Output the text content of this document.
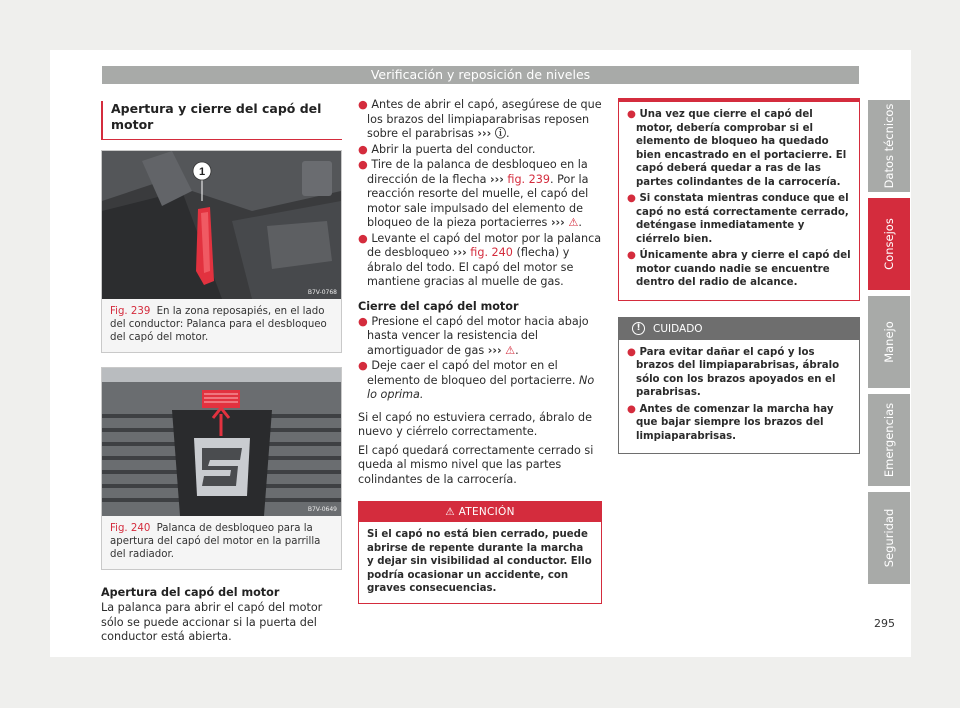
Verificación y reposición de niveles
Datos técnicos
Consejos
Manejo
Emergencias
Seguridad
295
Apertura y cierre del capó del motor
1
B7V-0768
Fig. 239 En la zona reposapiés, en el lado del conductor: Palanca para el desbloqueo del capó del motor.
B7V-0649
Fig. 240 Palanca de desbloqueo para la apertura del capó del motor en la parrilla del radiador.
Apertura del capó del motor
La palanca para abrir el capó del motor sólo se puede accionar si la puerta del conductor está abierta.
● Antes de abrir el capó, asegúrese de que los brazos del limpiaparabrisas reposen sobre el parabrisas ››› ⓘ.
● Abrir la puerta del conductor.
● Tire de la palanca de desbloqueo en la dirección de la flecha ››› fig. 239. Por la reacción resorte del muelle, el capó del motor sale impulsado del elemento de bloqueo de la pieza portacierres ››› ⚠.
● Levante el capó del motor por la palanca de desbloqueo ››› fig. 240 (flecha) y ábralo del todo. El capó del motor se mantiene gracias al muelle de gas.
Cierre del capó del motor
● Presione el capó del motor hacia abajo hasta vencer la resistencia del amortiguador de gas ››› ⚠.
● Deje caer el capó del motor en el elemento de bloqueo del portacierre. No lo oprima.
Si el capó no estuviera cerrado, ábralo de nuevo y ciérrelo correctamente.
El capó quedará correctamente cerrado si queda al mismo nivel que las partes colindantes de la carrocería.
⚠ ATENCIÓN
Si el capó no está bien cerrado, puede abrirse de repente durante la marcha y dejar sin visibilidad al conductor. Ello podría ocasionar un accidente, con graves consecuencias.
● Una vez que cierre el capó del motor, debería comprobar si el elemento de bloqueo ha quedado bien encastrado en el portacierre. El capó deberá quedar a ras de las partes colindantes de la carrocería.
● Si constata mientras conduce que el capó no está correctamente cerrado, deténgase inmediatamente y ciérrelo bien.
● Únicamente abra y cierre el capó del motor cuando nadie se encuentre dentro del radio de alcance.
!	CUIDADO
● Para evitar dañar el capó y los brazos del limpiaparabrisas, ábralo sólo con los brazos apoyados en el parabrisas.
● Antes de comenzar la marcha hay que bajar siempre los brazos del limpiaparabrisas.
